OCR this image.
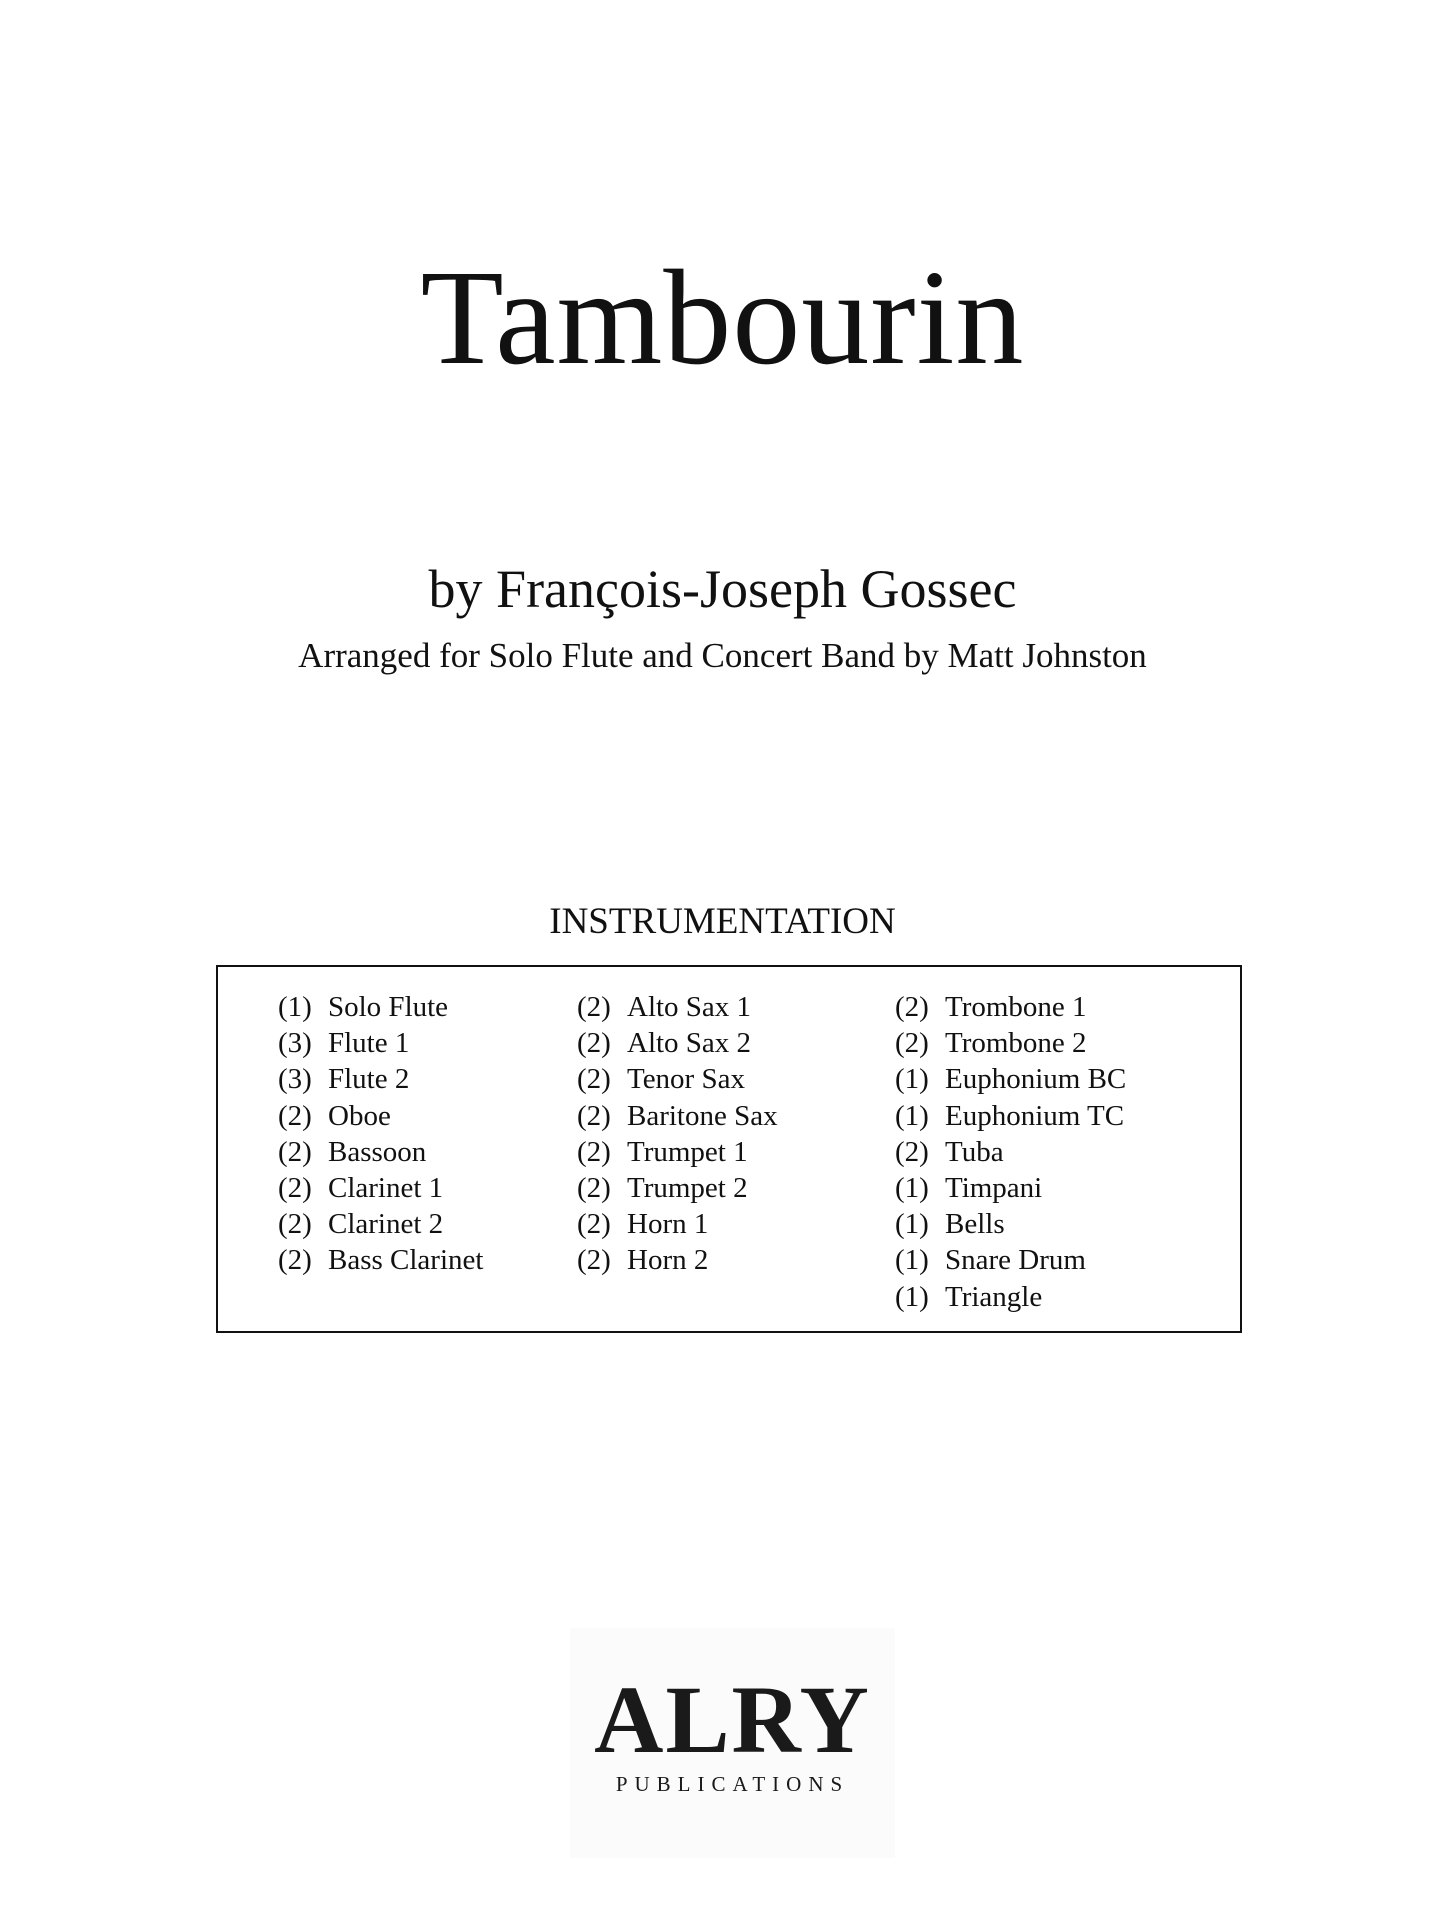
Tambourin
by François-Joseph Gossec
Arranged for Solo Flute and Concert Band by Matt Johnston
INSTRUMENTATION
(1) Solo Flute
(3) Flute 1
(3) Flute 2
(2) Oboe
(2) Bassoon
(2) Clarinet 1
(2) Clarinet 2
(2) Bass Clarinet
(2) Alto Sax 1
(2) Alto Sax 2
(2) Tenor Sax
(2) Baritone Sax
(2) Trumpet 1
(2) Trumpet 2
(2) Horn 1
(2) Horn 2
(2) Trombone 1
(2) Trombone 2
(1) Euphonium BC
(1) Euphonium TC
(2) Tuba
(1) Timpani
(1) Bells
(1) Snare Drum
(1) Triangle
ALRY
PUBLICATIONS
